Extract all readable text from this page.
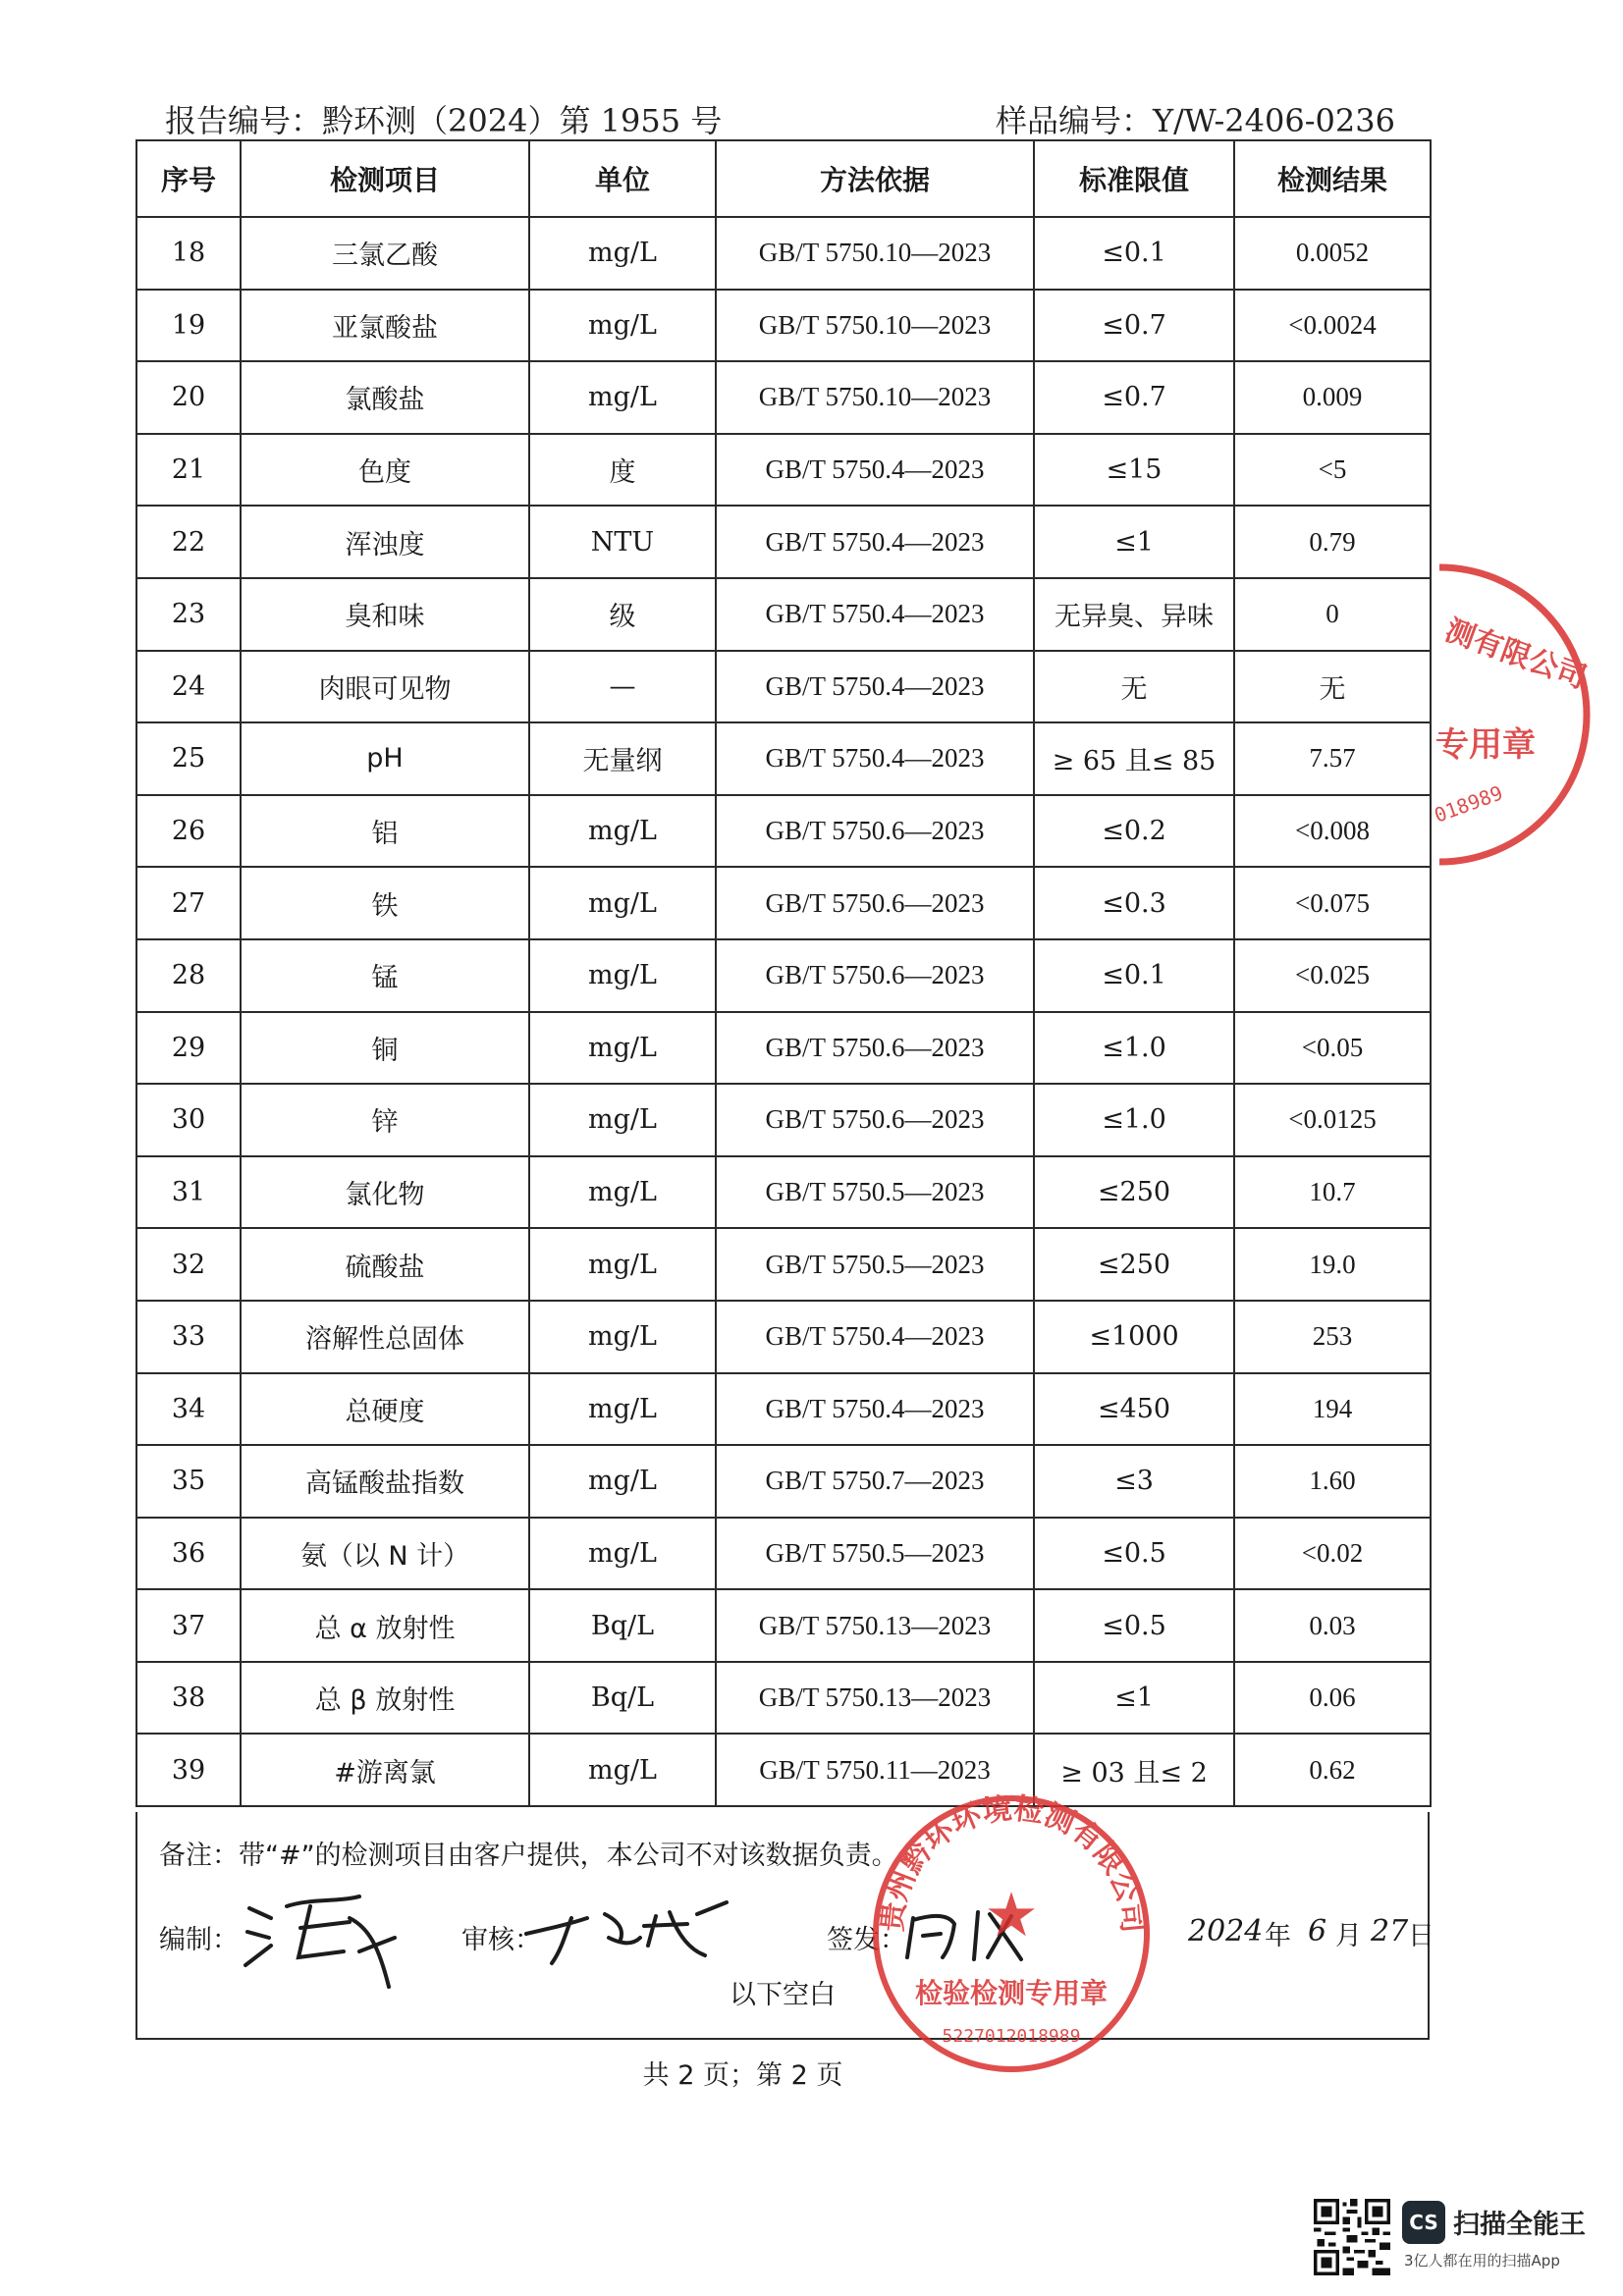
报告编号：黔环测（2024）第 1955 号	样品编号：Y/W-2406-0236
序号	检测项目	单位	方法依据	标准限值	检测结果
18	三氯乙酸	mg/L	GB/T 5750.10—2023	≤0.1	0.0052
19	亚氯酸盐	mg/L	GB/T 5750.10—2023	≤0.7	<0.0024
20	氯酸盐	mg/L	GB/T 5750.10—2023	≤0.7	0.009
21	色度	度	GB/T 5750.4—2023	≤15	<5
22	浑浊度	NTU	GB/T 5750.4—2023	≤1	0.79
23	臭和味	级	GB/T 5750.4—2023	无异臭、异味	0
24	肉眼可见物	—	GB/T 5750.4—2023	无	无
25	pH	无量纲	GB/T 5750.4—2023	≥ 65 且≤ 85	7.57
26	铝	mg/L	GB/T 5750.6—2023	≤0.2	<0.008
27	铁	mg/L	GB/T 5750.6—2023	≤0.3	<0.075
28	锰	mg/L	GB/T 5750.6—2023	≤0.1	<0.025
29	铜	mg/L	GB/T 5750.6—2023	≤1.0	<0.05
30	锌	mg/L	GB/T 5750.6—2023	≤1.0	<0.0125
31	氯化物	mg/L	GB/T 5750.5—2023	≤250	10.7
32	硫酸盐	mg/L	GB/T 5750.5—2023	≤250	19.0
33	溶解性总固体	mg/L	GB/T 5750.4—2023	≤1000	253
34	总硬度	mg/L	GB/T 5750.4—2023	≤450	194
35	高锰酸盐指数	mg/L	GB/T 5750.7—2023	≤3	1.60
36	氨（以 N 计）	mg/L	GB/T 5750.5—2023	≤0.5	<0.02
37	总 α 放射性	Bq/L	GB/T 5750.13—2023	≤0.5	0.03
38	总 β 放射性	Bq/L	GB/T 5750.13—2023	≤1	0.06
39	#游离氯	mg/L	GB/T 5750.11—2023	≥ 03 且≤ 2	0.62
备注：带“#”的检测项目由客户提供，本公司不对该数据负责。
编制：	审核：	签发：	2024 年 6 月 27 日
以下空白
共 2 页；第 2 页
贵州黔环环境检测有限公司
★
检验检测专用章
5227012018989
测有限公司
专用章
018989
CS 扫描全能王
3亿人都在用的扫描App
